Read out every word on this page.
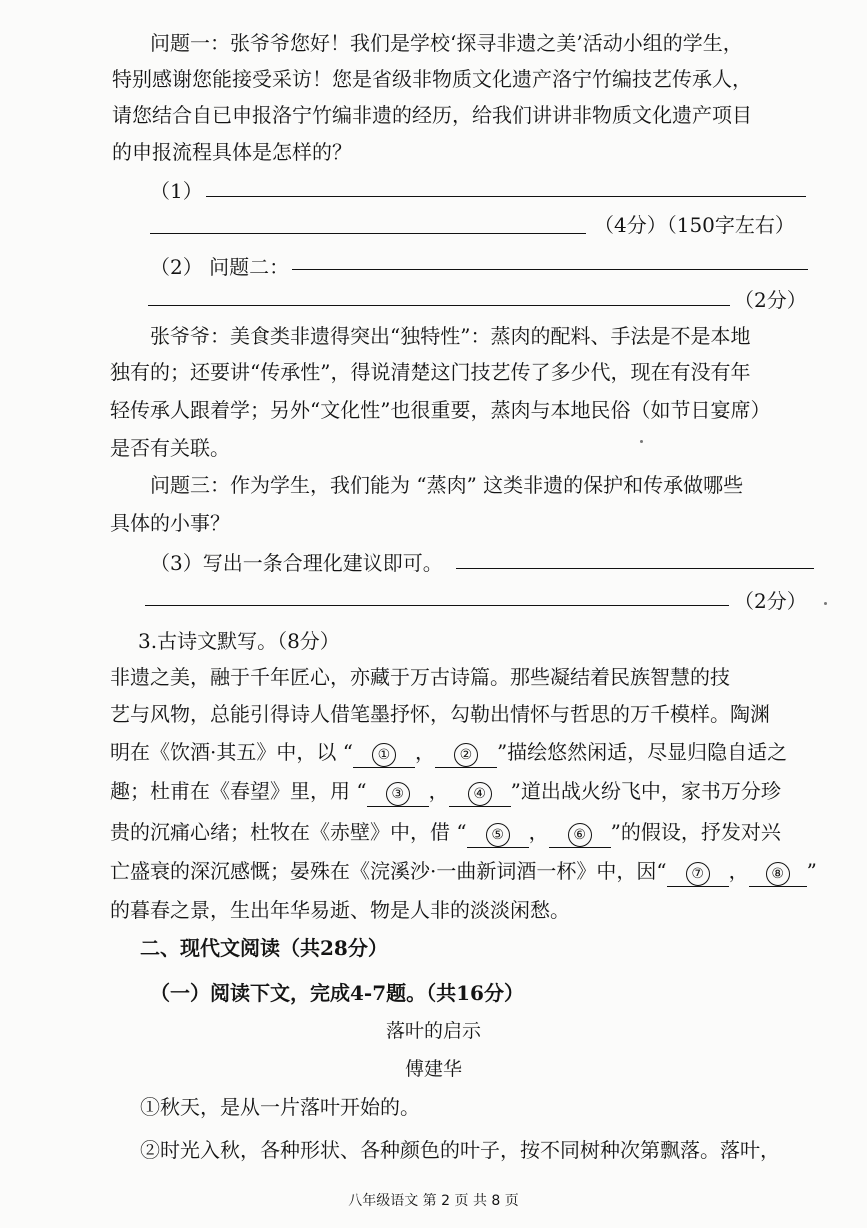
问题一：张爷爷您好！我们是学校‘探寻非遗之美’活动小组的学生，
特别感谢您能接受采访！您是省级非物质文化遗产洛宁竹编技艺传承人，
请您结合自已申报洛宁竹编非遗的经历，给我们讲讲非物质文化遗产项目
的申报流程具体是怎样的？
（1）
（4分）（150字左右）
（2） 问题二：
（2分）
张爷爷：美食类非遗得突出“独特性”：蒸肉的配料、手法是不是本地
独有的；还要讲“传承性”，得说清楚这门技艺传了多少代，现在有没有年
轻传承人跟着学；另外“文化性”也很重要，蒸肉与本地民俗（如节日宴席）
是否有关联。
问题三：作为学生，我们能为 “蒸肉” 这类非遗的保护和传承做哪些
具体的小事？
（3）写出一条合理化建议即可。
（2分）
3.古诗文默写。（8分）
非遗之美，融于千年匠心，亦藏于万古诗篇。那些凝结着民族智慧的技
艺与风物，总能引得诗人借笔墨抒怀，勾勒出情怀与哲思的万千模样。陶渊
明在《饮酒·其五》中，以 “ ① ， ② ”描绘悠然闲适，尽显归隐自适之
趣；杜甫在《春望》里，用 “ ③ ， ④ ”道出战火纷飞中，家书万分珍
贵的沉痛心绪；杜牧在《赤壁》中，借 “ ⑤ ， ⑥ ”的假设，抒发对兴
亡盛衰的深沉感慨；晏殊在《浣溪沙·一曲新词酒一杯》中，因“ ⑦ ， ⑧ ”
的暮春之景，生出年华易逝、物是人非的淡淡闲愁。
二、现代文阅读（共28分）
（一）阅读下文，完成4-7题。（共16分）
落叶的启示
傅建华
①秋天，是从一片落叶开始的。
②时光入秋，各种形状、各种颜色的叶子，按不同树种次第飘落。落叶，
八年级语文 第 2 页 共 8 页
